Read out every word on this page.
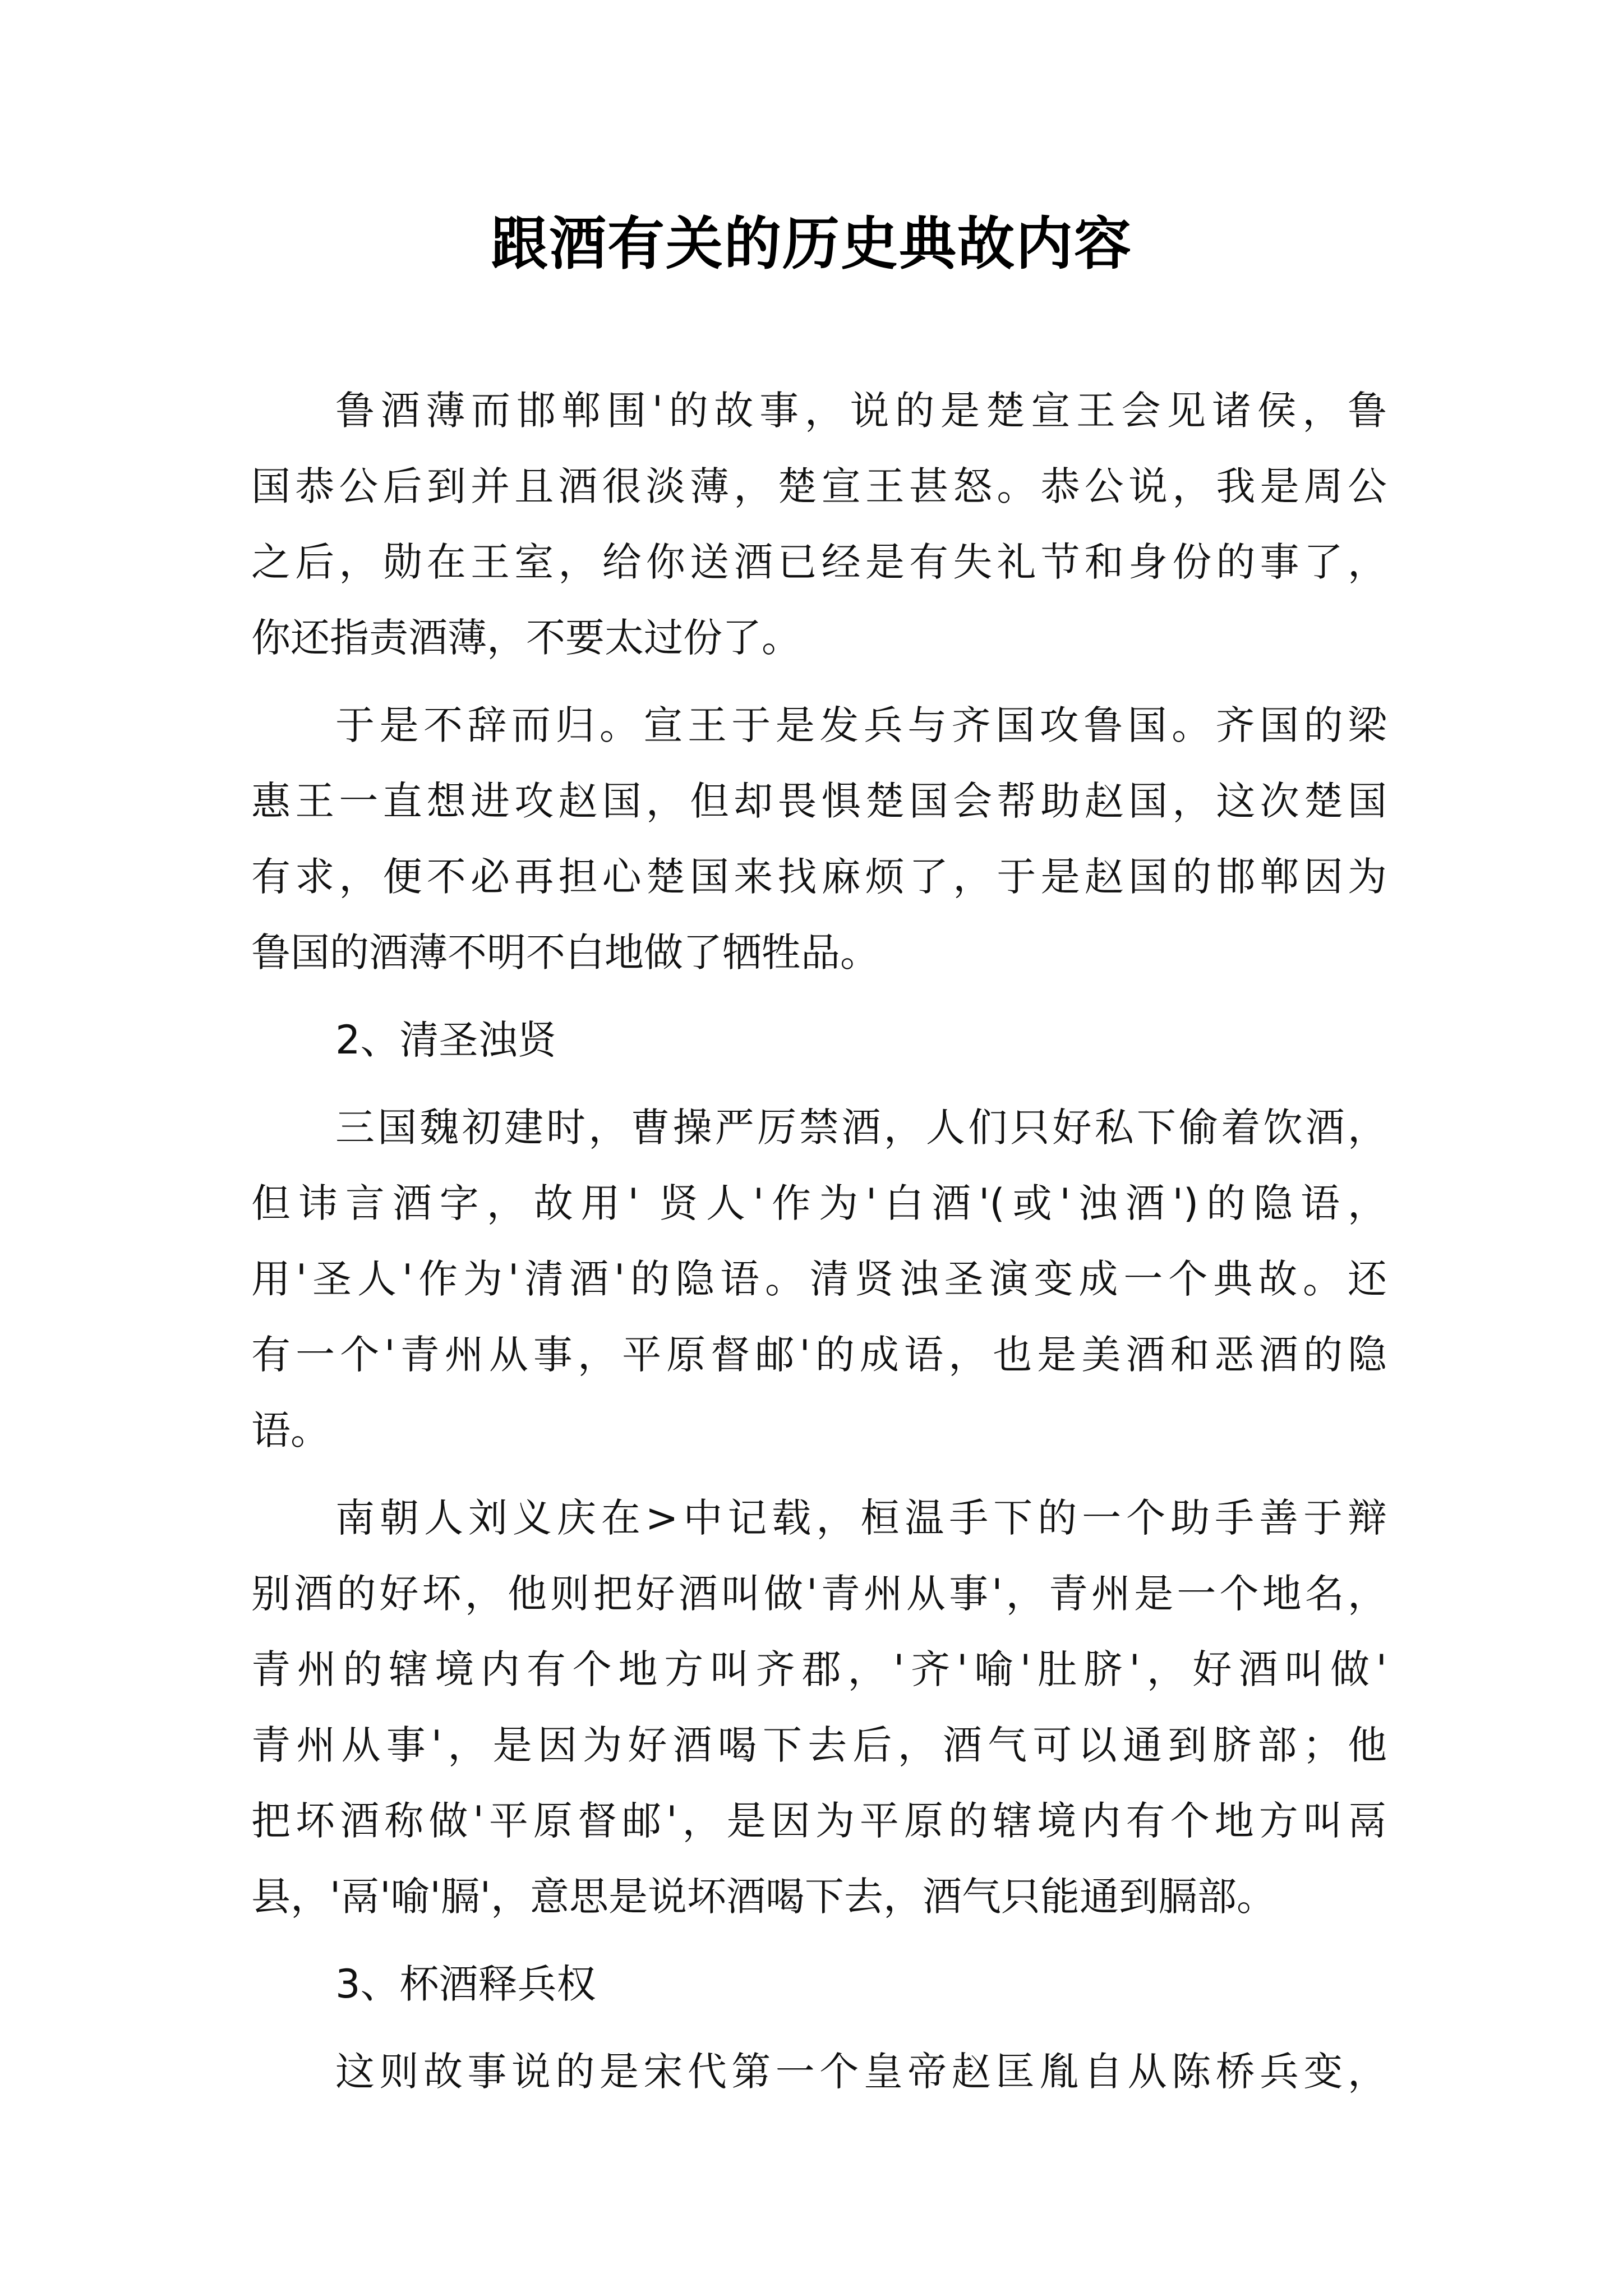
跟酒有关的历史典故内容
鲁酒薄而邯郸围'的故事，说的是楚宣王会见诸侯，鲁
国恭公后到并且酒很淡薄，楚宣王甚怒。恭公说，我是周公
之后，勋在王室，给你送酒已经是有失礼节和身份的事了，
你还指责酒薄，不要太过份了。
于是不辞而归。宣王于是发兵与齐国攻鲁国。齐国的梁
惠王一直想进攻赵国，但却畏惧楚国会帮助赵国，这次楚国
有求，便不必再担心楚国来找麻烦了，于是赵国的邯郸因为
鲁国的酒薄不明不白地做了牺牲品。
2、清圣浊贤
三国魏初建时，曹操严厉禁酒，人们只好私下偷着饮酒，
但讳言酒字，故用' 贤人'作为'白酒'(或'浊酒')的隐语，
用'圣人'作为'清酒'的隐语。清贤浊圣演变成一个典故。还
有一个'青州从事，平原督邮'的成语，也是美酒和恶酒的隐
语。
南朝人刘义庆在>中记载，桓温手下的一个助手善于辩
别酒的好坏，他则把好酒叫做'青州从事'，青州是一个地名，
青州的辖境内有个地方叫齐郡，'齐'喻'肚脐'，好酒叫做'
青州从事'，是因为好酒喝下去后，酒气可以通到脐部；他
把坏酒称做'平原督邮'，是因为平原的辖境内有个地方叫鬲
县，'鬲'喻'膈'，意思是说坏酒喝下去，酒气只能通到膈部。
3、杯酒释兵权
这则故事说的是宋代第一个皇帝赵匡胤自从陈桥兵变，
